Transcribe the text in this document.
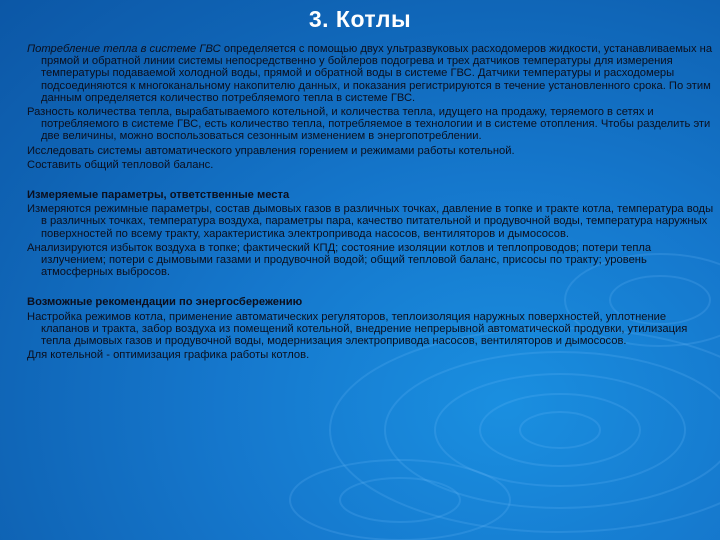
3. Котлы

Потребление тепла в системе ГВС определяется с помощью двух ультразвуковых расходомеров жидкости, устанавливаемых на прямой и обратной линии системы непосредственно у бойлеров подогрева и трех датчиков температуры для измерения температуры подаваемой холодной воды, прямой и обратной воды в системе ГВС. Датчики температуры и расходомеры подсоединяются к многоканальному накопителю данных, и показания регистрируются в течение установленного срока. По этим данным определяется количество потребляемого тепла в системе ГВС.

Разность количества тепла, вырабатываемого котельной, и количества тепла, идущего на продажу, теряемого в сетях и потребляемого в системе ГВС, есть количество тепла, потребляемое в технологии и в системе отопления. Чтобы разделить эти две величины, можно воспользоваться сезонным изменением в энергопотреблении.

Исследовать системы автоматического управления горением и режимами работы котельной.

Составить общий тепловой баланс.

Измеряемые параметры, ответственные места

Измеряются режимные параметры, состав дымовых газов в различных точках, давление в топке и тракте котла, температура воды в различных точках, температура воздуха, параметры пара, качество питательной и продувочной воды, температура наружных поверхностей по всему тракту, характеристика электропривода насосов, вентиляторов и дымососов.

Анализируются избыток воздуха в топке; фактический КПД; состояние изоляции котлов и теплопроводов; потери тепла излучением; потери с дымовыми газами и продувочной водой; общий тепловой баланс, присосы по тракту; уровень атмосферных выбросов.

Возможные рекомендации по энергосбережению

Настройка режимов котла, применение автоматических регуляторов, теплоизоляция наружных поверхностей, уплотнение клапанов и тракта, забор воздуха из помещений котельной, внедрение непрерывной автоматической продувки, утилизация тепла дымовых газов и продувочной воды, модернизация электропривода насосов, вентиляторов и дымососов.

Для котельной - оптимизация графика работы котлов.
